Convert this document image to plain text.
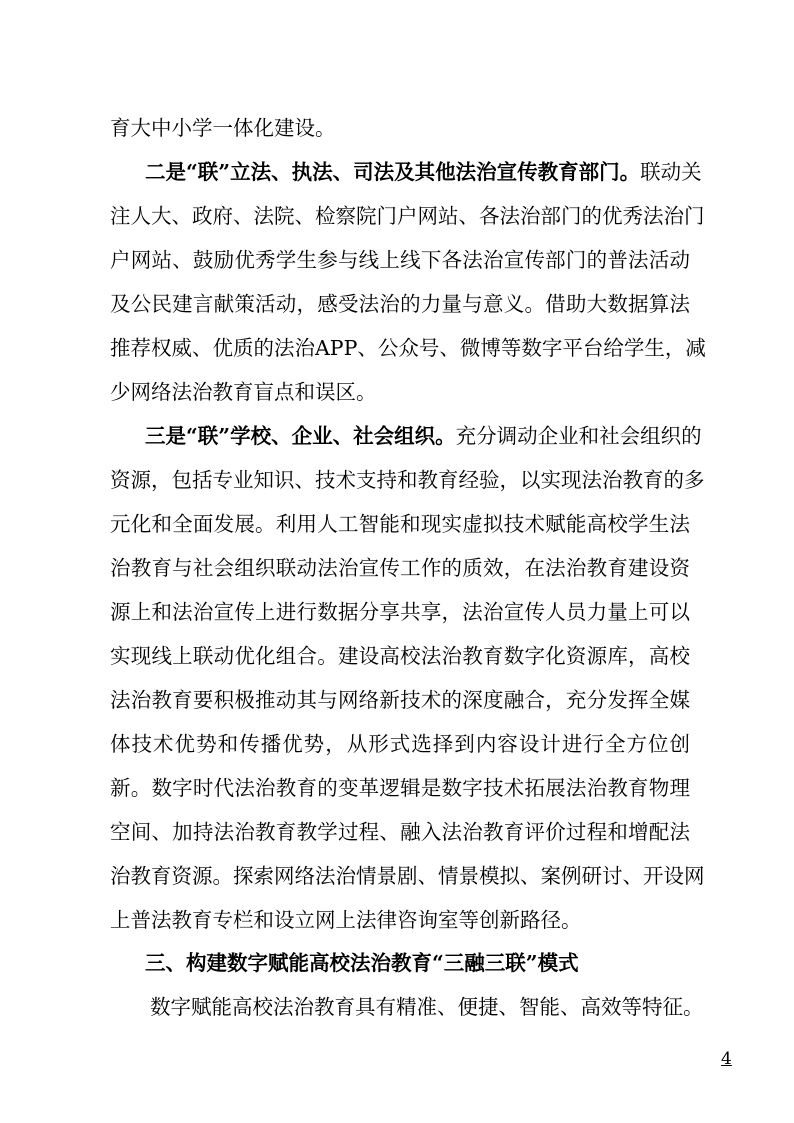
育大中小学一体化建设。
二是“联”立法、执法、司法及其他法治宣传教育部门。联动关
注人大、政府、法院、检察院门户网站、各法治部门的优秀法治门
户网站、鼓励优秀学生参与线上线下各法治宣传部门的普法活动
及公民建言献策活动，感受法治的力量与意义。借助大数据算法
推荐权威、优质的法治APP、公众号、微博等数字平台给学生，减
少网络法治教育盲点和误区。
三是“联”学校、企业、社会组织。充分调动企业和社会组织的
资源，包括专业知识、技术支持和教育经验，以实现法治教育的多
元化和全面发展。利用人工智能和现实虚拟技术赋能高校学生法
治教育与社会组织联动法治宣传工作的质效，在法治教育建设资
源上和法治宣传上进行数据分享共享，法治宣传人员力量上可以
实现线上联动优化组合。建设高校法治教育数字化资源库，高校
法治教育要积极推动其与网络新技术的深度融合，充分发挥全媒
体技术优势和传播优势，从形式选择到内容设计进行全方位创
新。数字时代法治教育的变革逻辑是数字技术拓展法治教育物理
空间、加持法治教育教学过程、融入法治教育评价过程和增配法
治教育资源。探索网络法治情景剧、情景模拟、案例研讨、开设网
上普法教育专栏和设立网上法律咨询室等创新路径。
三、构建数字赋能高校法治教育“三融三联”模式
数字赋能高校法治教育具有精准、便捷、智能、高效等特征。
4
